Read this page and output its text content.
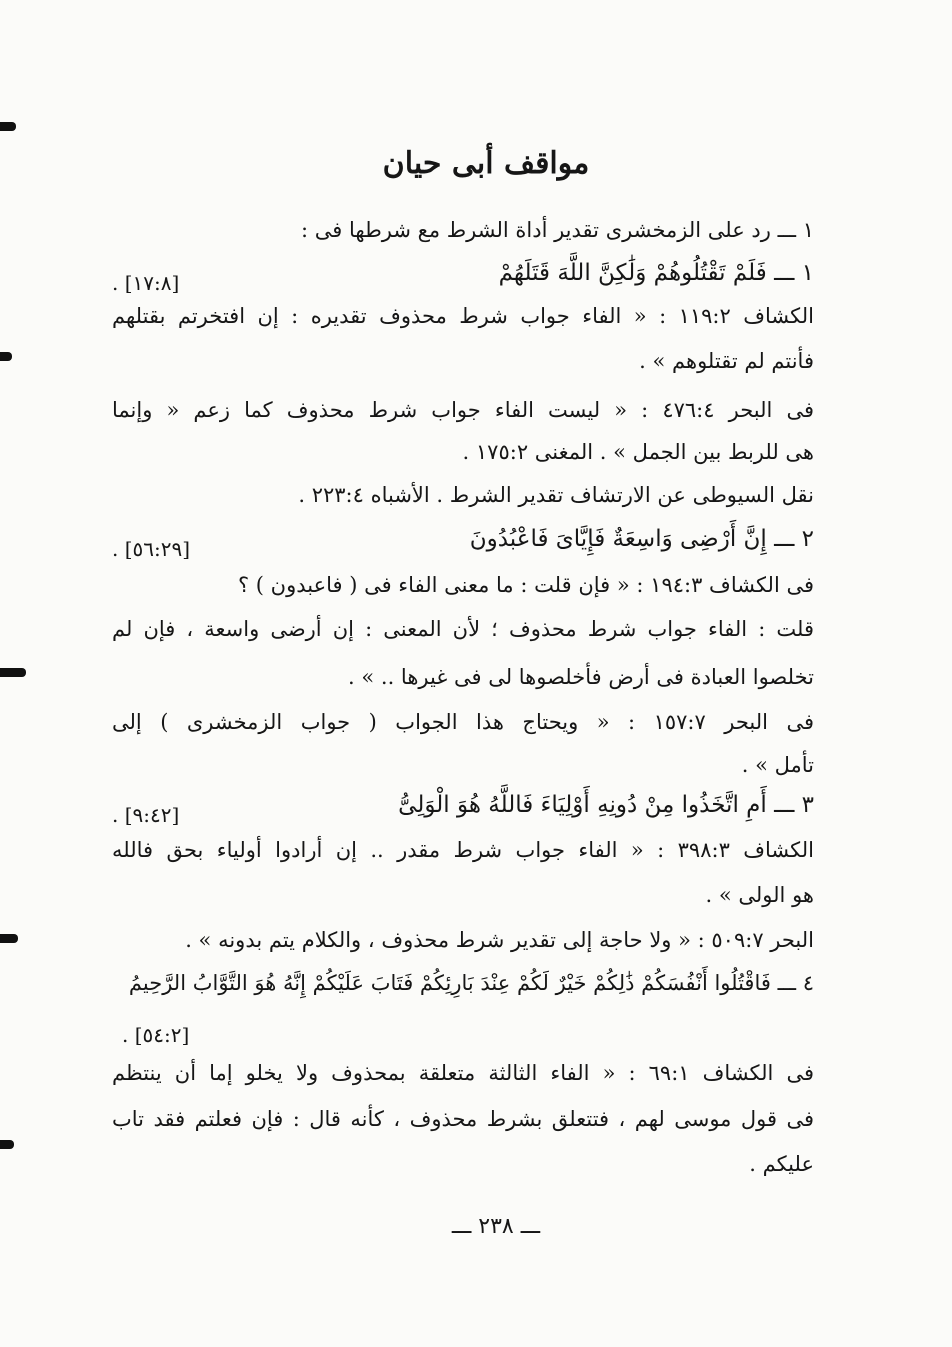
مواقف أبى حيان
١ ـــ رد على الزمخشرى تقدير أداة الشرط مع شرطها فى :
١ ـــ فَلَمْ تَقْتُلُوهُمْ وَلَٰكِنَّ اللَّهَ قَتَلَهُمْ
[١٧:٨] .
الكشاف ١١٩:٢ : « الفاء جواب شرط محذوف تقديره : إن افتخرتم بقتلهم
فأنتم لم تقتلوهم » .
فى البحر ٤٧٦:٤ : « ليست الفاء جواب شرط محذوف كما زعم « وإنما
هى للربط بين الجمل » . المغنى ١٧٥:٢ .
نقل السيوطى عن الارتشاف تقدير الشرط . الأشباه ٢٢٣:٤ .
٢ ـــ إِنَّ أَرْضِى وَاسِعَةٌ فَإِيَّاىَ فَاعْبُدُونَ
[٥٦:٢٩] .
فى الكشاف ١٩٤:٣ : « فإن قلت : ما معنى الفاء فى ( فاعبدون ) ؟
قلت : الفاء جواب شرط محذوف ؛ لأن المعنى : إن أرضى واسعة ، فإن لم
تخلصوا العبادة فى أرض فأخلصوها لى فى غيرها .. » .
فى البحر ١٥٧:٧ : « ويحتاج هذا الجواب ( جواب الزمخشرى ) إلى
تأمل » .
٣ ـــ أَمِ اتَّخَذُوا مِنْ دُونِهِ أَوْلِيَاءَ فَاللَّهُ هُوَ الْوَلِىُّ
[٩:٤٢] .
الكشاف ٣٩٨:٣ : « الفاء جواب شرط مقدر .. إن أرادوا أولياء بحق فالله
هو الولى » .
البحر ٥٠٩:٧ : « ولا حاجة إلى تقدير شرط محذوف ، والكلام يتم بدونه » .
٤ ـــ فَاقْتُلُوا أَنْفُسَكُمْ ذَٰلِكُمْ خَيْرٌ لَكُمْ عِنْدَ بَارِئِكُمْ فَتَابَ عَلَيْكُمْ إِنَّهُ هُوَ التَّوَّابُ الرَّحِيمُ
[٥٤:٢] .
فى الكشاف ٦٩:١ : « الفاء الثالثة متعلقة بمحذوف ولا يخلو إما أن ينتظم
فى قول موسى لهم ، فتتعلق بشرط محذوف ، كأنه قال : فإن فعلتم فقد تاب
عليكم .
ـــ ٢٣٨ ـــ
